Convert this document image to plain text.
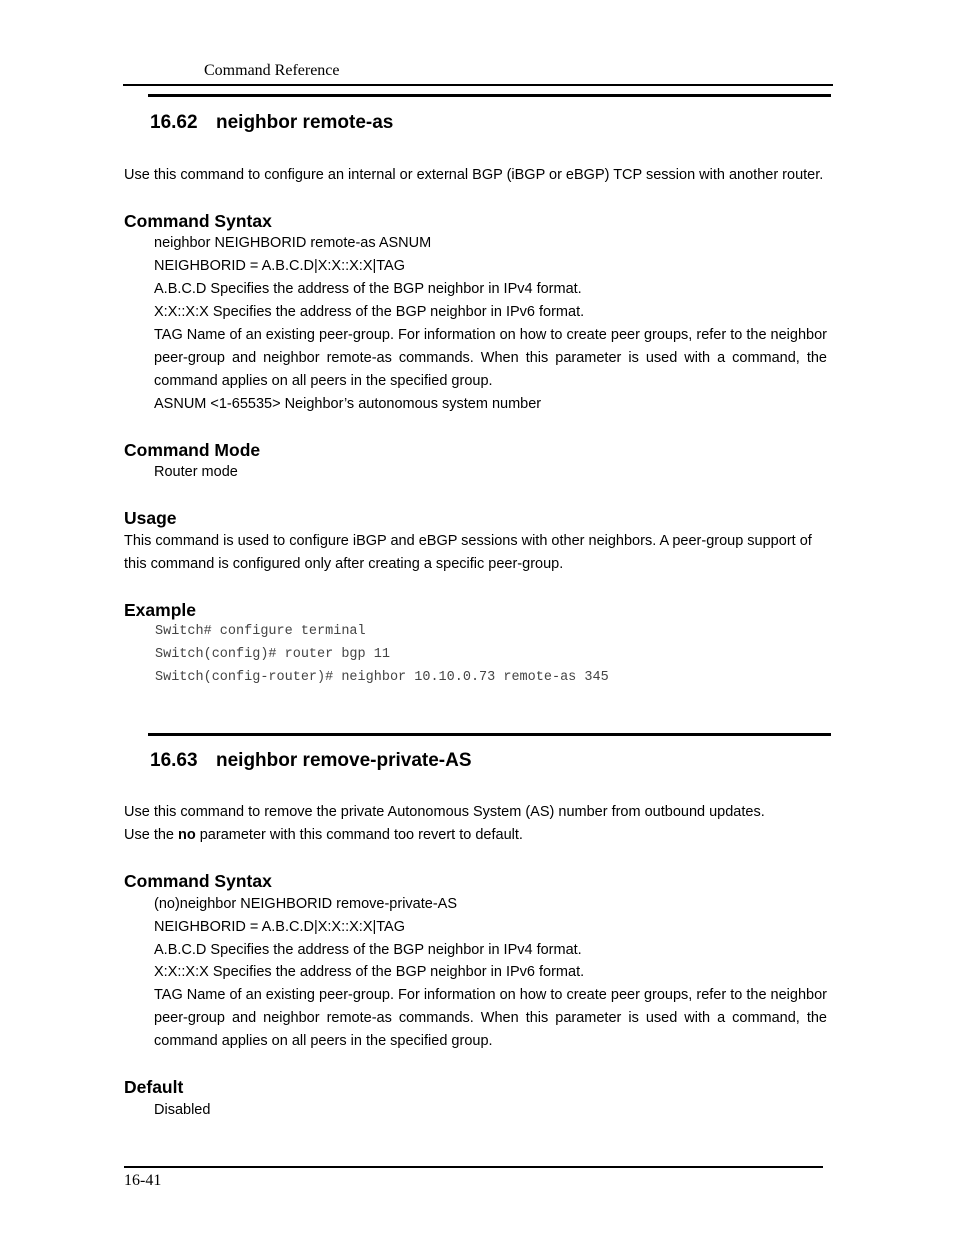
Command Reference
16.62 neighbor remote-as
Use this command to configure an internal or external BGP (iBGP or eBGP) TCP session with another router.
Command Syntax
neighbor NEIGHBORID remote-as ASNUM
NEIGHBORID = A.B.C.D|X:X::X:X|TAG
A.B.C.D Specifies the address of the BGP neighbor in IPv4 format.
X:X::X:X Specifies the address of the BGP neighbor in IPv6 format.
TAG Name of an existing peer-group. For information on how to create peer groups, refer to the neighbor peer-group and neighbor remote-as commands. When this parameter is used with a command, the command applies on all peers in the specified group.
ASNUM <1-65535> Neighbor’s autonomous system number
Command Mode
Router mode
Usage
This command is used to configure iBGP and eBGP sessions with other neighbors. A peer-group support of
this command is configured only after creating a specific peer-group.
Example
Switch# configure terminal
Switch(config)# router bgp 11
Switch(config-router)# neighbor 10.10.0.73 remote-as 345
16.63 neighbor remove-private-AS
Use this command to remove the private Autonomous System (AS) number from outbound updates.
Use the no parameter with this command too revert to default.
Command Syntax
(no)neighbor NEIGHBORID remove-private-AS
NEIGHBORID = A.B.C.D|X:X::X:X|TAG
A.B.C.D Specifies the address of the BGP neighbor in IPv4 format.
X:X::X:X Specifies the address of the BGP neighbor in IPv6 format.
TAG Name of an existing peer-group. For information on how to create peer groups, refer to the neighbor peer-group and neighbor remote-as commands. When this parameter is used with a command, the command applies on all peers in the specified group.
Default
Disabled
16-41
